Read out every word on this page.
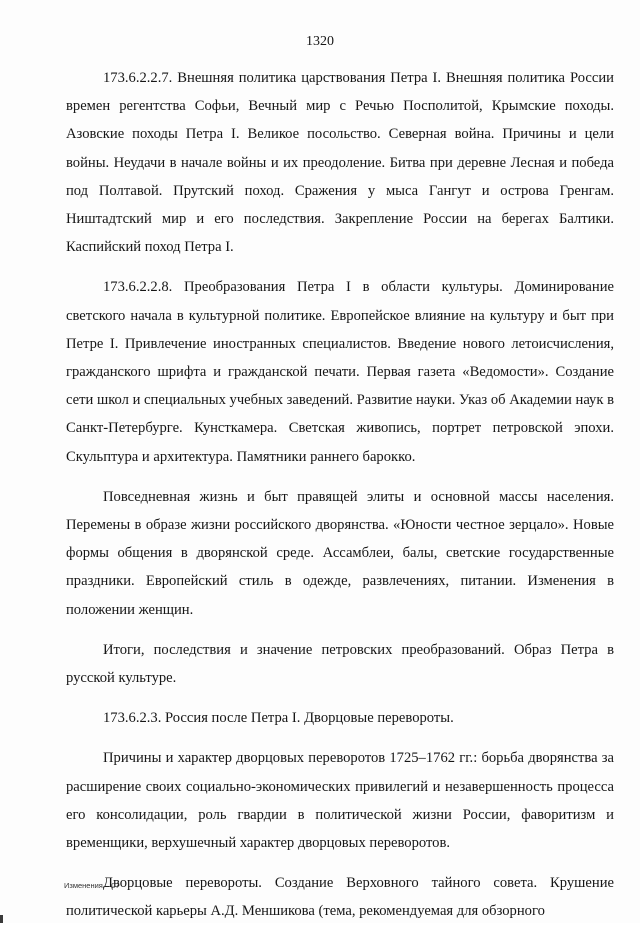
1320

173.6.2.2.7. Внешняя политика царствования Петра I. Внешняя политика России времен регентства Софьи, Вечный мир с Речью Посполитой, Крымские походы. Азовские походы Петра I. Великое посольство. Северная война. Причины и цели войны. Неудачи в начале войны и их преодоление. Битва при деревне Лесная и победа под Полтавой. Прутский поход. Сражения у мыса Гангут и острова Гренгам. Ништадтский мир и его последствия. Закрепление России на берегах Балтики. Каспийский поход Петра I.

173.6.2.2.8. Преобразования Петра I в области культуры. Доминирование светского начала в культурной политике. Европейское влияние на культуру и быт при Петре I. Привлечение иностранных специалистов. Введение нового летоисчисления, гражданского шрифта и гражданской печати. Первая газета «Ведомости». Создание сети школ и специальных учебных заведений. Развитие науки. Указ об Академии наук в Санкт-Петербурге. Кунсткамера. Светская живопись, портрет петровской эпохи. Скульптура и архитектура. Памятники раннего барокко.

Повседневная жизнь и быт правящей элиты и основной массы населения. Перемены в образе жизни российского дворянства. «Юности честное зерцало». Новые формы общения в дворянской среде. Ассамблеи, балы, светские государственные праздники. Европейский стиль в одежде, развлечениях, питании. Изменения в положении женщин.

Итоги, последствия и значение петровских преобразований. Образ Петра в русской культуре.

173.6.2.3. Россия после Петра I. Дворцовые перевороты.

Причины и характер дворцовых переворотов 1725–1762 гг.: борьба дворянства за расширение своих социально-экономических привилегий и незавершенность процесса его консолидации, роль гвардии в политической жизни России, фаворитизм и временщики, верхушечный характер дворцовых переворотов.

Дворцовые перевороты. Создание Верховного тайного совета. Крушение политической карьеры А.Д. Меншикова (тема, рекомендуемая для обзорного

Изменения – 07
